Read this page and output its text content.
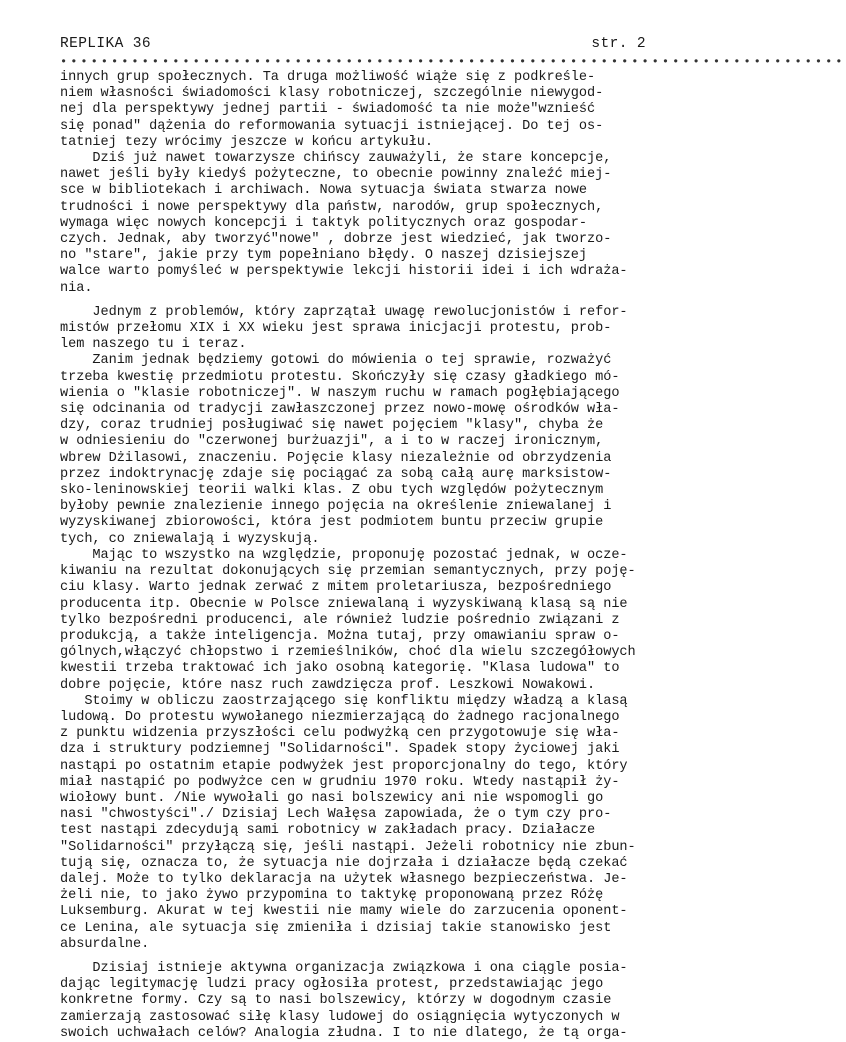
REPLIKA 36	str. 2
•••••••••••••••••••••••••••••••••••••••••••••••••••••••••••••••••••••••••••••
innych grup społecznych. Ta druga możliwość wiąże się z podkreśle-
niem własności świadomości klasy robotniczej, szczególnie niewygod-
nej dla perspektywy jednej partii - świadomość ta nie może"wznieść
się ponad" dążenia do reformowania sytuacji istniejącej. Do tej os-
tatniej tezy wrócimy jeszcze w końcu artykułu.
Dziś już nawet towarzysze chińscy zauważyli, że stare koncepcje,
nawet jeśli były kiedyś pożyteczne, to obecnie powinny znaleźć miej-
sce w bibliotekach i archiwach. Nowa sytuacja świata stwarza nowe
trudności i nowe perspektywy dla państw, narodów, grup społecznych,
wymaga więc nowych koncepcji i taktyk politycznych oraz gospodar-
czych. Jednak, aby tworzyć"nowe" , dobrze jest wiedzieć, jak tworzo-
no "stare", jakie przy tym popełniano błędy. O naszej dzisiejszej
walce warto pomyśleć w perspektywie lekcji historii idei i ich wdraża-
nia.
Jednym z problemów, który zaprzątał uwagę rewolucjonistów i refor-
mistów przełomu XIX i XX wieku jest sprawa inicjacji protestu, prob-
lem naszego tu i teraz.
Zanim jednak będziemy gotowi do mówienia o tej sprawie, rozważyć
trzeba kwestię przedmiotu protestu. Skończyły się czasy gładkiego mó-
wienia o "klasie robotniczej". W naszym ruchu w ramach pogłębiającego
się odcinania od tradycji zawłaszczonej przez nowo-mowę ośrodków wła-
dzy, coraz trudniej posługiwać się nawet pojęciem "klasy", chyba że
w odniesieniu do "czerwonej burżuazji", a i to w raczej ironicznym,
wbrew Dżilasowi, znaczeniu. Pojęcie klasy niezależnie od obrzydzenia
przez indoktrynację zdaje się pociągać za sobą całą aurę marksistow-
sko-leninowskiej teorii walki klas. Z obu tych względów pożytecznym
byłoby pewnie znalezienie innego pojęcia na określenie zniewalanej i
wyzyskiwanej zbiorowości, która jest podmiotem buntu przeciw grupie
tych, co zniewalają i wyzyskują.
Mając to wszystko na względzie, proponuję pozostać jednak, w ocze-
kiwaniu na rezultat dokonujących się przemian semantycznych, przy poję-
ciu klasy. Warto jednak zerwać z mitem proletariusza, bezpośredniego
producenta itp. Obecnie w Polsce zniewalaną i wyzyskiwaną klasą są nie
tylko bezpośredni producenci, ale również ludzie pośrednio związani z
produkcją, a także inteligencja. Można tutaj, przy omawianiu spraw o-
gólnych,włączyć chłopstwo i rzemieślników, choć dla wielu szczegółowych
kwestii trzeba traktować ich jako osobną kategorię. "Klasa ludowa" to
dobre pojęcie, które nasz ruch zawdzięcza prof. Leszkowi Nowakowi.
Stoimy w obliczu zaostrzającego się konfliktu między władzą a klasą
ludową. Do protestu wywołanego niezmierzającą do żadnego racjonalnego
z punktu widzenia przyszłości celu podwyżką cen przygotowuje się wła-
dza i struktury podziemnej "Solidarności". Spadek stopy życiowej jaki
nastąpi po ostatnim etapie podwyżek jest proporcjonalny do tego, który
miał nastąpić po podwyżce cen w grudniu 1970 roku. Wtedy nastąpił ży-
wiołowy bunt. /Nie wywołali go nasi bolszewicy ani nie wspomogli go
nasi "chwostyści"./ Dzisiaj Lech Wałęsa zapowiada, że o tym czy pro-
test nastąpi zdecydują sami robotnicy w zakładach pracy. Działacze
"Solidarności" przyłączą się, jeśli nastąpi. Jeżeli robotnicy nie zbun-
tują się, oznacza to, że sytuacja nie dojrzała i działacze będą czekać
dalej. Może to tylko deklaracja na użytek własnego bezpieczeństwa. Je-
żeli nie, to jako żywo przypomina to taktykę proponowaną przez Różę
Luksemburg. Akurat w tej kwestii nie mamy wiele do zarzucenia oponent-
ce Lenina, ale sytuacja się zmieniła i dzisiaj takie stanowisko jest
absurdalne.
Dzisiaj istnieje aktywna organizacja związkowa i ona ciągle posia-
dając legitymację ludzi pracy ogłosiła protest, przedstawiając jego
konkretne formy. Czy są to nasi bolszewicy, którzy w dogodnym czasie
zamierzają zastosować siłę klasy ludowej do osiągnięcia wytyczonych w
swoich uchwałach celów? Analogia złudna. I to nie dlatego, że tą orga-
